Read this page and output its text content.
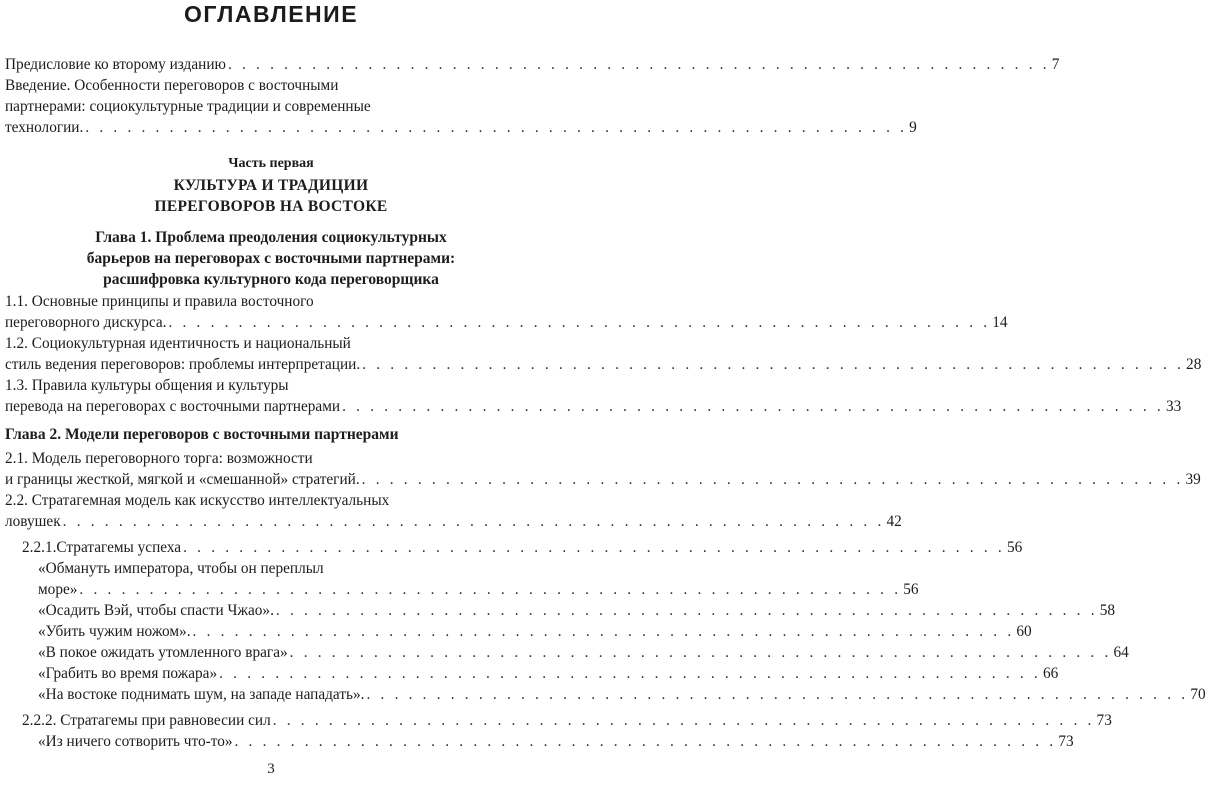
ОГЛАВЛЕНИЕ
Предисловие ко второму изданию . . . . . . . . . . . . . . . . . . . . . . . . . . . . . . . . . . . . . . . . . . . . . . . . . . . . . . . . . . . 7
Введение. Особенности переговоров с восточными
партнерами: социокультурные традиции и современные
технологии. . . . . . . . . . . . . . . . . . . . . . . . . . . . . . . . . . . . . . . . . . . . . . . . . . . . . . . . . . . . 9
Часть первая
КУЛЬТУРА И ТРАДИЦИИ
ПЕРЕГОВОРОВ НА ВОСТОКЕ
Глава 1. Проблема преодоления социокультурных
барьеров на переговорах с восточными партнерами:
расшифровка культурного кода переговорщика
1.1. Основные принципы и правила восточного
переговорного дискурса. . . . . . . . . . . . . . . . . . . . . . . . . . . . . . . . . . . . . . . . . . . . . . . . . . . . . . . . . . . . 14
1.2. Социокультурная идентичность и национальный
стиль ведения переговоров: проблемы интерпретации. . . . . . . . . . . . . . . . . . . . . . . . . . . . . . . . . . . . . . . . . . . . . . . . . . . . . . . . . . . . 28
1.3. Правила культуры общения и культуры
перевода на переговорах с восточными партнерами . . . . . . . . . . . . . . . . . . . . . . . . . . . . . . . . . . . . . . . . . . . . . . . . . . . . . . . . . . . 33
Глава 2. Модели переговоров с восточными партнерами
2.1. Модель переговорного торга: возможности
и границы жесткой, мягкой и «смешанной» стратегий. . . . . . . . . . . . . . . . . . . . . . . . . . . . . . . . . . . . . . . . . . . . . . . . . . . . . . . . . . . . 39
2.2. Стратагемная модель как искусство интеллектуальных
ловушек . . . . . . . . . . . . . . . . . . . . . . . . . . . . . . . . . . . . . . . . . . . . . . . . . . . . . . . . . . . 42
2.2.1.Стратагемы успеха . . . . . . . . . . . . . . . . . . . . . . . . . . . . . . . . . . . . . . . . . . . . . . . . . . . . . . . . . . . 56
«Обмануть императора, чтобы он переплыл
море» . . . . . . . . . . . . . . . . . . . . . . . . . . . . . . . . . . . . . . . . . . . . . . . . . . . . . . . . . . . 56
«Осадить Вэй, чтобы спасти Чжао». . . . . . . . . . . . . . . . . . . . . . . . . . . . . . . . . . . . . . . . . . . . . . . . . . . . . . . . . . . . 58
«Убить чужим ножом». . . . . . . . . . . . . . . . . . . . . . . . . . . . . . . . . . . . . . . . . . . . . . . . . . . . . . . . . . . . 60
«В покое ожидать утомленного врага» . . . . . . . . . . . . . . . . . . . . . . . . . . . . . . . . . . . . . . . . . . . . . . . . . . . . . . . . . . . 64
«Грабить во время пожара» . . . . . . . . . . . . . . . . . . . . . . . . . . . . . . . . . . . . . . . . . . . . . . . . . . . . . . . . . . . 66
«На востоке поднимать шум, на западе нападать». . . . . . . . . . . . . . . . . . . . . . . . . . . . . . . . . . . . . . . . . . . . . . . . . . . . . . . . . . . . 70
2.2.2. Стратагемы при равновесии сил . . . . . . . . . . . . . . . . . . . . . . . . . . . . . . . . . . . . . . . . . . . . . . . . . . . . . . . . . . . 73
«Из ничего сотворить что-то» . . . . . . . . . . . . . . . . . . . . . . . . . . . . . . . . . . . . . . . . . . . . . . . . . . . . . . . . . . . 73
3
